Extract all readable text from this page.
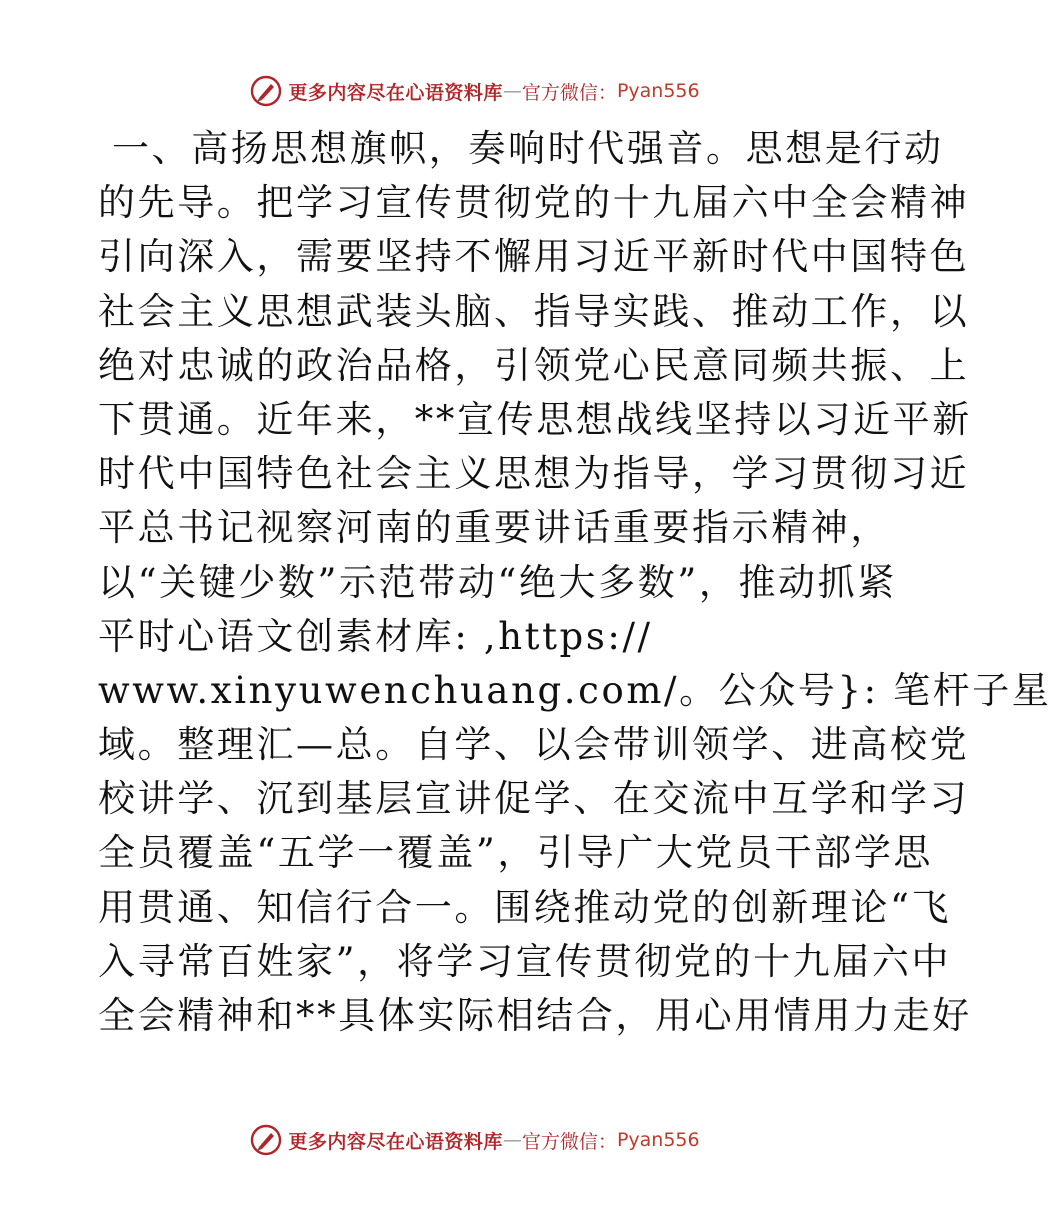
更多内容尽在心语资料库 — 官方微信： Pyan556
一、高扬思想旗帜，奏响时代强音。思想是行动
的先导。把学习宣传贯彻党的十九届六中全会精神
引向深入，需要坚持不懈用习近平新时代中国特色
社会主义思想武装头脑、指导实践、推动工作，以
绝对忠诚的政治品格，引领党心民意同频共振、上
下贯通。近年来，**宣传思想战线坚持以习近平新
时代中国特色社会主义思想为指导，学习贯彻习近
平总书记视察河南的重要讲话重要指示精神，
以“关键少数”示范带动“绝大多数”，推动抓紧
平时心语文创素材库: ,https://
www.xinyuwenchuang.com/。公众号}: 笔杆子星
域。整理汇—总。自学、以会带训领学、进高校党
校讲学、沉到基层宣讲促学、在交流中互学和学习
全员覆盖“五学一覆盖”，引导广大党员干部学思
用贯通、知信行合一。围绕推动党的创新理论“飞
入寻常百姓家”，将学习宣传贯彻党的十九届六中
全会精神和**具体实际相结合，用心用情用力走好
更多内容尽在心语资料库 — 官方微信： Pyan556
